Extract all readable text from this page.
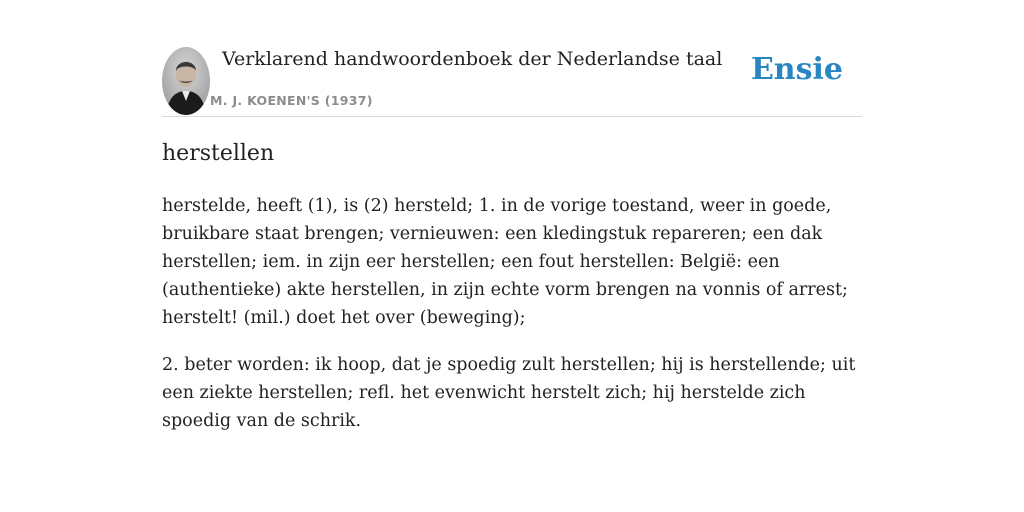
Verklarend handwoordenboek der Nederlandse taal
M. J. KOENEN'S (1937)
Ensie
herstellen

herstelde, heeft (1), is (2) hersteld; 1. in de vorige toestand, weer in goede, bruikbare staat brengen; vernieuwen: een kledingstuk repareren; een dak herstellen; iem. in zijn eer herstellen; een fout herstellen: België: een (authentieke) akte herstellen, in zijn echte vorm brengen na vonnis of arrest; herstelt! (mil.) doet het over (beweging);

2. beter worden: ik hoop, dat je spoedig zult herstellen; hij is herstellende; uit een ziekte herstellen; refl. het evenwicht herstelt zich; hij herstelde zich spoedig van de schrik.
